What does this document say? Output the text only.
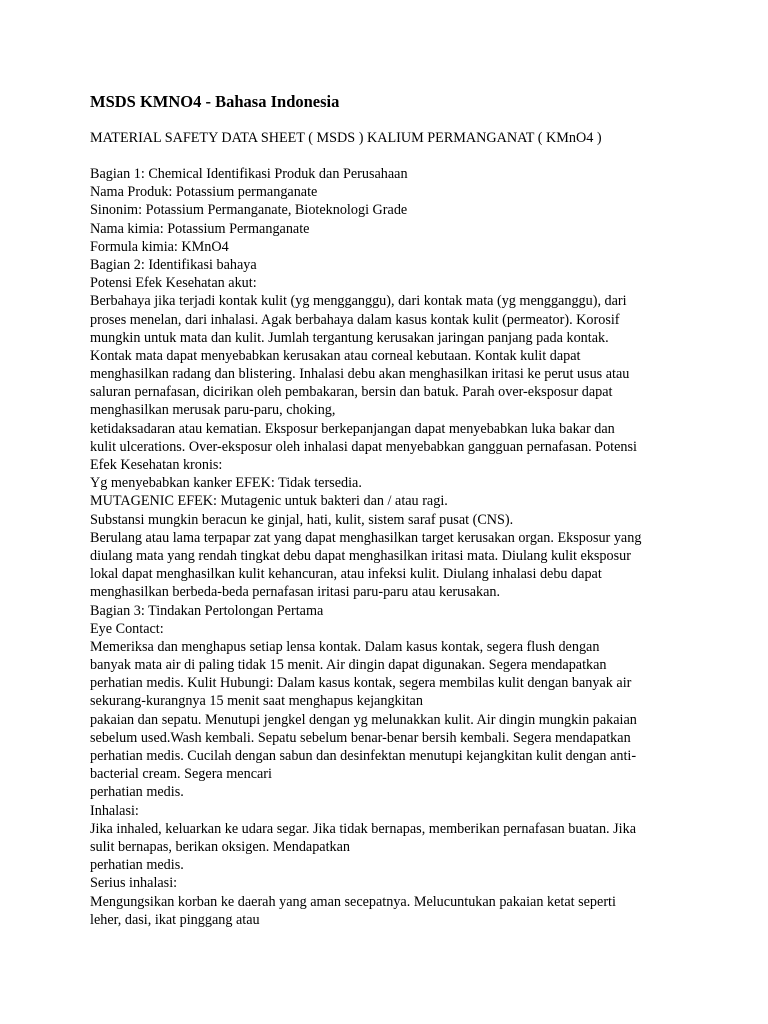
MSDS KMNO4 - Bahasa Indonesia
MATERIAL SAFETY DATA SHEET ( MSDS ) KALIUM PERMANGANAT ( KMnO4 )
Bagian 1: Chemical Identifikasi Produk dan Perusahaan
Nama Produk: Potassium permanganate
Sinonim: Potassium Permanganate, Bioteknologi Grade
Nama kimia: Potassium Permanganate
Formula kimia: KMnO4
Bagian 2: Identifikasi bahaya
Potensi Efek Kesehatan akut:
Berbahaya jika terjadi kontak kulit (yg mengganggu), dari kontak mata (yg mengganggu), dari
proses menelan, dari inhalasi. Agak berbahaya dalam kasus kontak kulit (permeator). Korosif
mungkin untuk mata dan kulit. Jumlah tergantung kerusakan jaringan panjang pada kontak.
Kontak mata dapat menyebabkan kerusakan atau corneal kebutaan. Kontak kulit dapat
menghasilkan radang dan blistering. Inhalasi debu akan menghasilkan iritasi ke perut usus atau
saluran pernafasan, dicirikan oleh pembakaran, bersin dan batuk. Parah over-eksposur dapat
menghasilkan merusak paru-paru, choking,
ketidaksadaran atau kematian. Eksposur berkepanjangan dapat menyebabkan luka bakar dan
kulit ulcerations. Over-eksposur oleh inhalasi dapat menyebabkan gangguan pernafasan. Potensi
Efek Kesehatan kronis:
Yg menyebabkan kanker EFEK: Tidak tersedia.
MUTAGENIC EFEK: Mutagenic untuk bakteri dan / atau ragi.
Substansi mungkin beracun ke ginjal, hati, kulit, sistem saraf pusat (CNS).
Berulang atau lama terpapar zat yang dapat menghasilkan target kerusakan organ. Eksposur yang
diulang mata yang rendah tingkat debu dapat menghasilkan iritasi mata. Diulang kulit eksposur
lokal dapat menghasilkan kulit kehancuran, atau infeksi kulit. Diulang inhalasi debu dapat
menghasilkan berbeda-beda pernafasan iritasi paru-paru atau kerusakan.
Bagian 3: Tindakan Pertolongan Pertama
Eye Contact:
Memeriksa dan menghapus setiap lensa kontak. Dalam kasus kontak, segera flush dengan
banyak mata air di paling tidak 15 menit. Air dingin dapat digunakan. Segera mendapatkan
perhatian medis. Kulit Hubungi: Dalam kasus kontak, segera membilas kulit dengan banyak air
sekurang-kurangnya 15 menit saat menghapus kejangkitan
pakaian dan sepatu. Menutupi jengkel dengan yg melunakkan kulit. Air dingin mungkin pakaian
sebelum used.Wash kembali. Sepatu sebelum benar-benar bersih kembali. Segera mendapatkan
perhatian medis. Cucilah dengan sabun dan desinfektan menutupi kejangkitan kulit dengan anti-
bacterial cream. Segera mencari
perhatian medis.
Inhalasi:
Jika inhaled, keluarkan ke udara segar. Jika tidak bernapas, memberikan pernafasan buatan. Jika
sulit bernapas, berikan oksigen. Mendapatkan
perhatian medis.
Serius inhalasi:
Mengungsikan korban ke daerah yang aman secepatnya. Melucuntukan pakaian ketat seperti
leher, dasi, ikat pinggang atau
